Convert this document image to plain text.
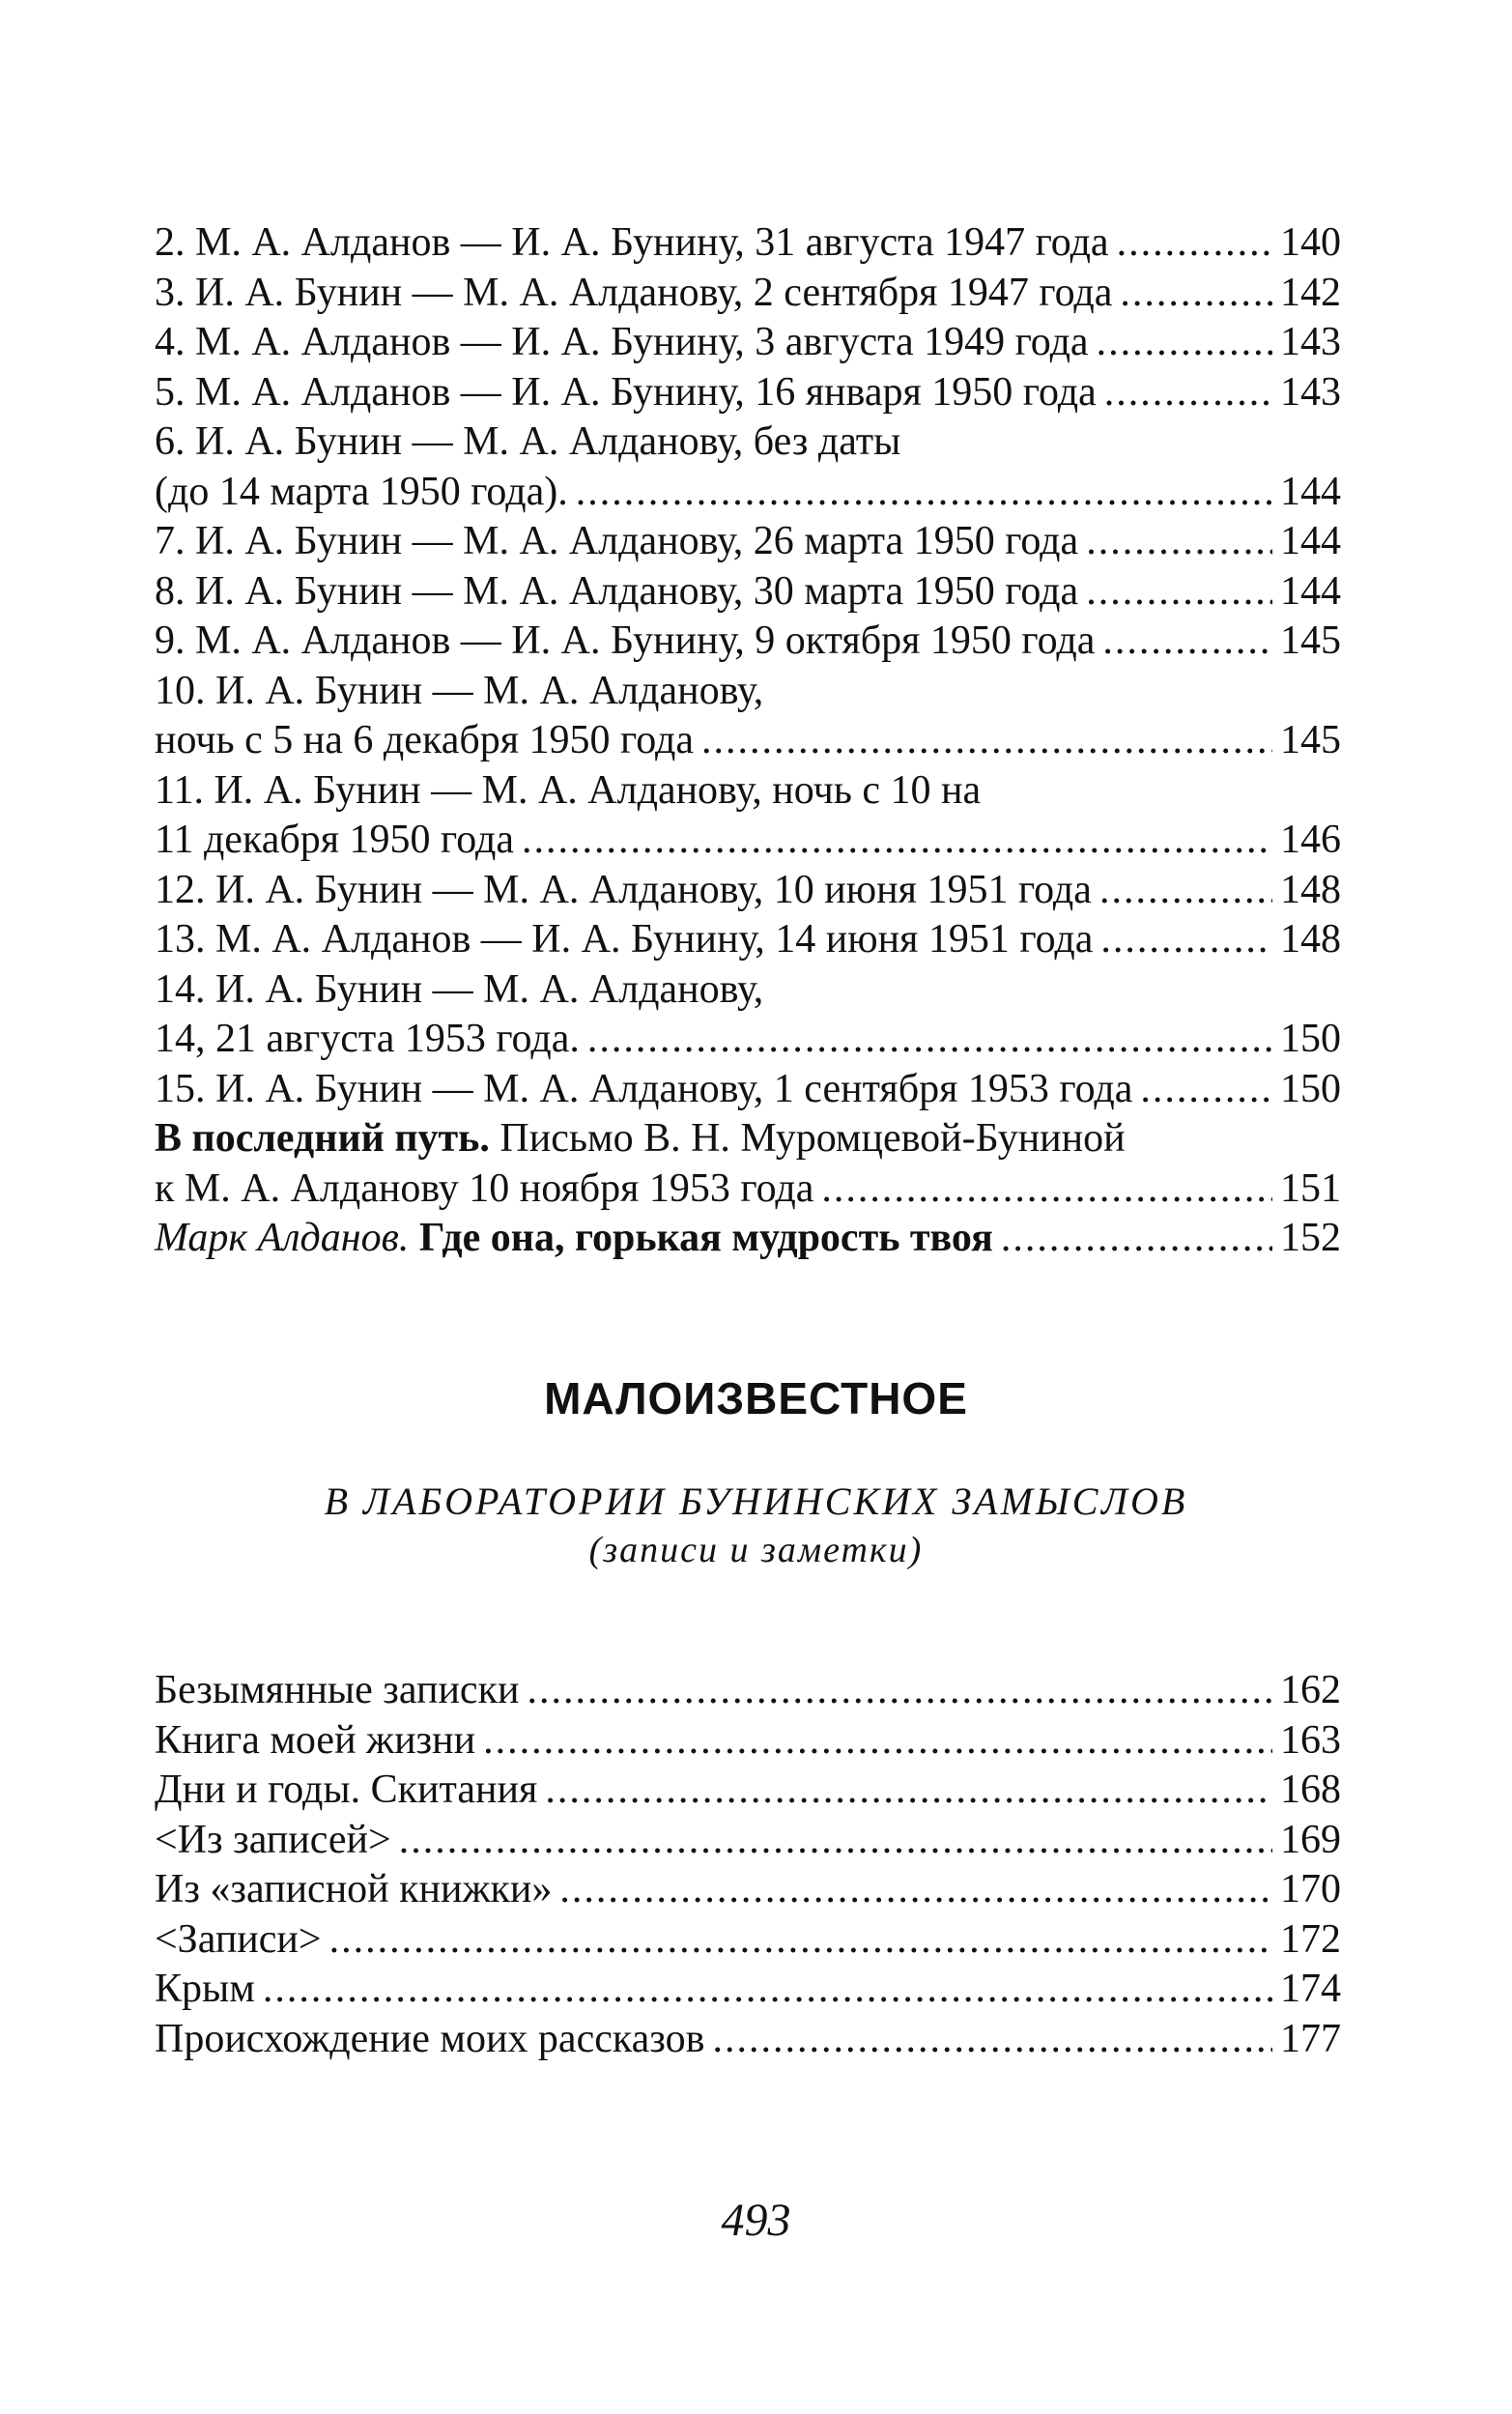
2. М. А. Алданов — И. А. Бунину, 31 августа 1947 года .....	140
3. И. А. Бунин — М. А. Алданову, 2 сентября 1947 года .....	142
4. М. А. Алданов — И. А. Бунину, 3 августа 1949 года .....	143
5. М. А. Алданов — И. А. Бунину, 16 января 1950 года .....	143
6. И. А. Бунин — М. А. Алданову, без даты
(до 14 марта 1950 года). .....	144
7. И. А. Бунин — М. А. Алданову, 26 марта 1950 года .....	144
8. И. А. Бунин — М. А. Алданову, 30 марта 1950 года .....	144
9. М. А. Алданов — И. А. Бунину, 9 октября 1950 года .....	145
10. И. А. Бунин — М. А. Алданову,
ночь с 5 на 6 декабря 1950 года .....	145
11. И. А. Бунин — М. А. Алданову, ночь с 10 на
11 декабря 1950 года .....	146
12. И. А. Бунин — М. А. Алданову, 10 июня 1951 года .....	148
13. М. А. Алданов — И. А. Бунину, 14 июня 1951 года .....	148
14. И. А. Бунин — М. А. Алданову,
14, 21 августа 1953 года. .....	150
15. И. А. Бунин — М. А. Алданову, 1 сентября 1953 года .....	150
В последний путь. Письмо В. Н. Муромцевой-Буниной
к М. А. Алданову 10 ноября 1953 года .....	151
Марк Алданов. Где она, горькая мудрость твоя .....	152
МАЛОИЗВЕСТНОЕ
В ЛАБОРАТОРИИ БУНИНСКИХ ЗАМЫСЛОВ
(записи и заметки)
Безымянные записки .....	162
Книга моей жизни .....	163
Дни и годы. Скитания .....	168
<Из записей> .....	169
Из «записной книжки» .....	170
<Записи> .....	172
Крым .....	174
Происхождение моих рассказов .....	177
493
